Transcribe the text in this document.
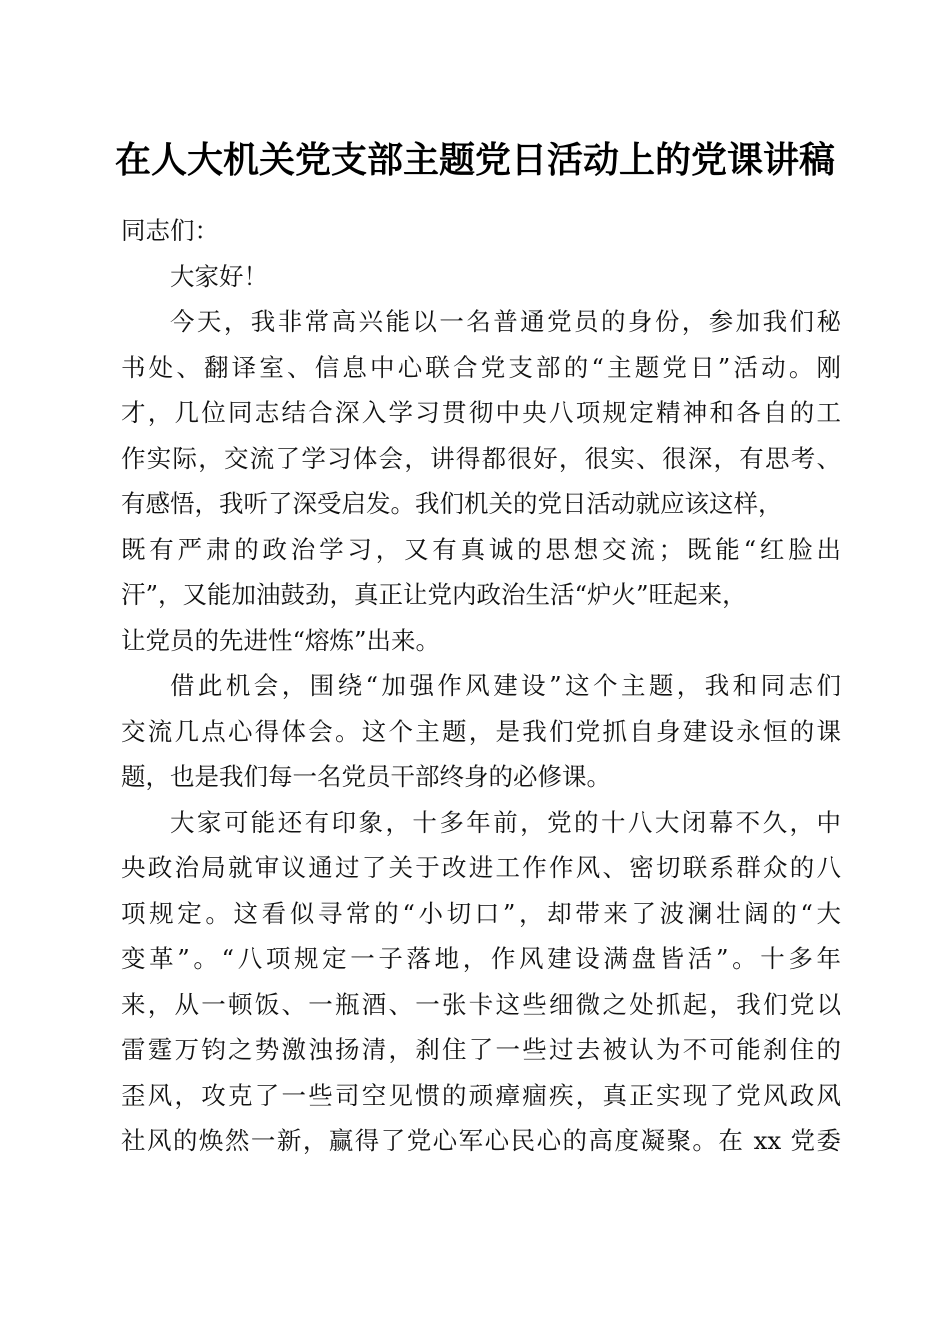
在人大机关党支部主题党日活动上的党课讲稿
同志们：
大家好！
今天，我非常高兴能以一名普通党员的身份，参加我们秘
书处、翻译室、信息中心联合党支部的“主题党日”活动。刚
才，几位同志结合深入学习贯彻中央八项规定精神和各自的工
作实际，交流了学习体会，讲得都很好，很实、很深，有思考、
有感悟，我听了深受启发。我们机关的党日活动就应该这样，
既有严肃的政治学习，又有真诚的思想交流；既能“红脸出
汗”，又能加油鼓劲，真正让党内政治生活“炉火”旺起来，
让党员的先进性“熔炼”出来。
借此机会，围绕“加强作风建设”这个主题，我和同志们
交流几点心得体会。这个主题，是我们党抓自身建设永恒的课
题，也是我们每一名党员干部终身的必修课。
大家可能还有印象，十多年前，党的十八大闭幕不久，中
央政治局就审议通过了关于改进工作作风、密切联系群众的八
项规定。这看似寻常的“小切口”，却带来了波澜壮阔的“大
变革”。“八项规定一子落地，作风建设满盘皆活”。十多年
来，从一顿饭、一瓶酒、一张卡这些细微之处抓起，我们党以
雷霆万钧之势激浊扬清，刹住了一些过去被认为不可能刹住的
歪风，攻克了一些司空见惯的顽瘴痼疾，真正实现了党风政风
社风的焕然一新，赢得了党心军心民心的高度凝聚。在 xx 党委
